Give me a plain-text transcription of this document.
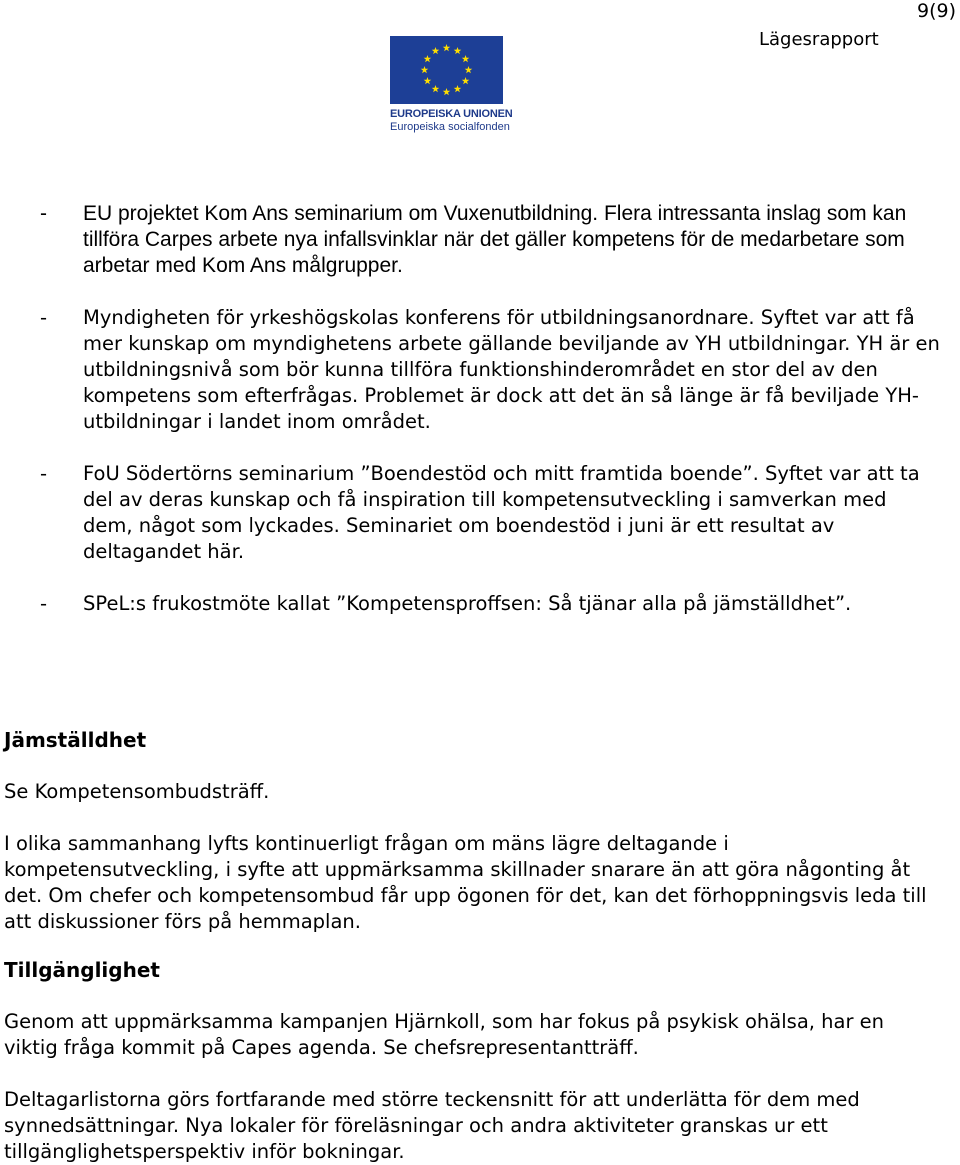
9(9)
Lägesrapport
EUROPEISKA UNIONEN
Europeiska socialfonden
- EU projektet Kom Ans seminarium om Vuxenutbildning. Flera intressanta inslag som kan tillföra Carpes arbete nya infallsvinklar när det gäller kompetens för de medarbetare som arbetar med Kom Ans målgrupper.
- Myndigheten för yrkeshögskolas konferens för utbildningsanordnare. Syftet var att få mer kunskap om myndighetens arbete gällande beviljande av YH utbildningar. YH är en utbildningsnivå som bör kunna tillföra funktionshinderområdet en stor del av den kompetens som efterfrågas. Problemet är dock att det än så länge är få beviljade YH-utbildningar i landet inom området.
- FoU Södertörns seminarium ”Boendestöd och mitt framtida boende”. Syftet var att ta del av deras kunskap och få inspiration till kompetensutveckling i samverkan med dem, något som lyckades. Seminariet om boendestöd i juni är ett resultat av deltagandet här.
- SPeL:s frukostmöte kallat ”Kompetensproffsen: Så tjänar alla på jämställdhet”.
Jämställdhet

Se Kompetensombudsträff.

I olika sammanhang lyfts kontinuerligt frågan om mäns lägre deltagande i kompetensutveckling, i syfte att uppmärksamma skillnader snarare än att göra någonting åt det. Om chefer och kompetensombud får upp ögonen för det, kan det förhoppningsvis leda till att diskussioner förs på hemmaplan.

Tillgänglighet

Genom att uppmärksamma kampanjen Hjärnkoll, som har fokus på psykisk ohälsa, har en viktig fråga kommit på Capes agenda. Se chefsrepresentantträff.

Deltagarlistorna görs fortfarande med större teckensnitt för att underlätta för dem med synnedsättningar. Nya lokaler för föreläsningar och andra aktiviteter granskas ur ett tillgänglighetsperspektiv inför bokningar.
